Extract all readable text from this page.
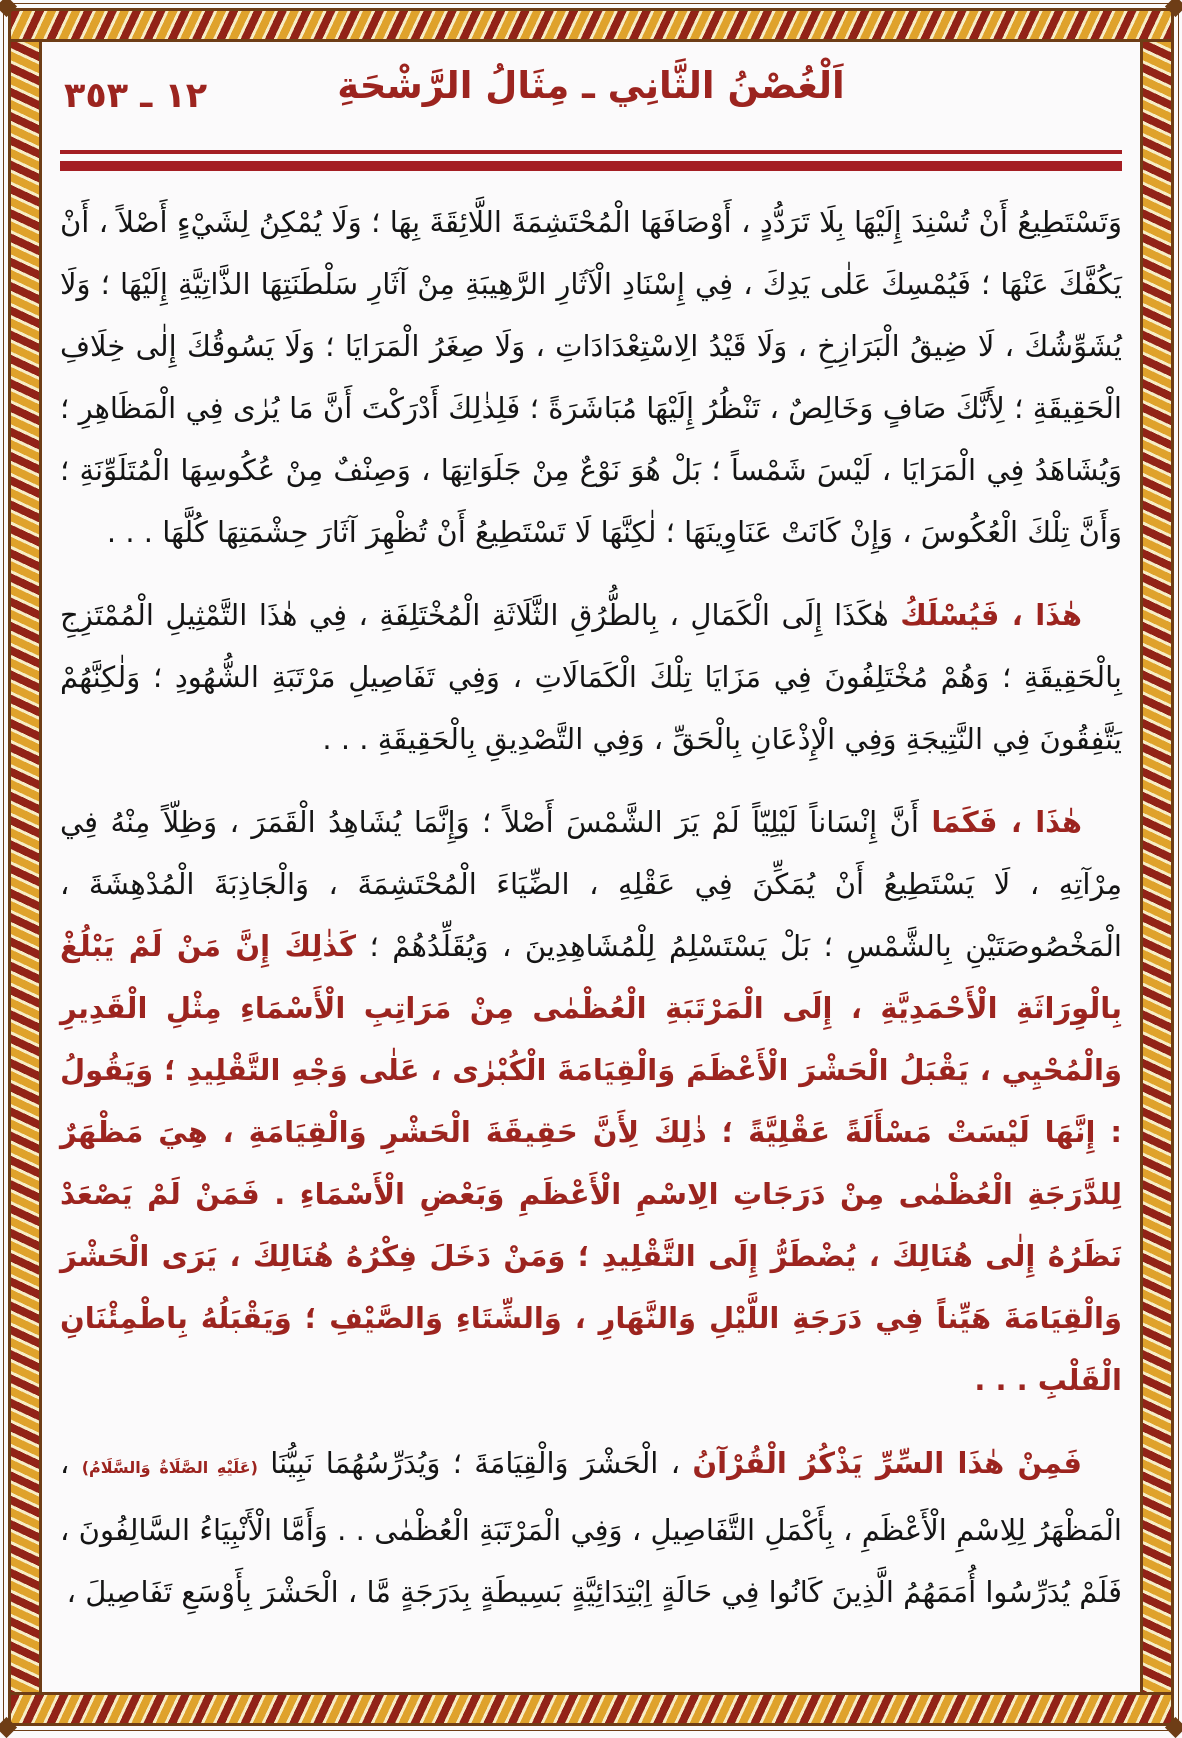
١٢ ـ ٣٥٣	اَلْغُصْنُ الثَّانِي ـ مِثَالُ الرَّشْحَةِ

وَتَسْتَطِيعُ أَنْ تُسْنِدَ إِلَيْهَا بِلَا تَرَدُّدٍ ، أَوْصَافَهَا الْمُحْتَشِمَةَ اللَّائِقَةَ بِهَا ؛ وَلَا يُمْكِنُ لِشَيْءٍ أَصْلاً ، أَنْ يَكُفَّكَ عَنْهَا ؛ فَيُمْسِكَ عَلٰى يَدِكَ ، فِي إِسْنَادِ الْآثَارِ الرَّهِيبَةِ مِنْ آثَارِ سَلْطَنَتِهَا الذَّاتِيَّةِ إِلَيْهَا ؛ وَلَا يُشَوِّشُكَ ، لَا ضِيقُ الْبَرَازِخِ ، وَلَا قَيْدُ الِاسْتِعْدَادَاتِ ، وَلَا صِغَرُ الْمَرَايَا ؛ وَلَا يَسُوقُكَ إِلٰى خِلَافِ الْحَقِيقَةِ ؛ لِأَنَّكَ صَافٍ وَخَالِصٌ ، تَنْظُرُ إِلَيْهَا مُبَاشَرَةً ؛ فَلِذٰلِكَ أَدْرَكْتَ أَنَّ مَا يُرٰى فِي الْمَظَاهِرِ ؛ وَيُشَاهَدُ فِي الْمَرَايَا ، لَيْسَ شَمْساً ؛ بَلْ هُوَ نَوْعٌ مِنْ جَلَوَاتِهَا ، وَصِنْفٌ مِنْ عُكُوسِهَا الْمُتَلَوِّنَةِ ؛ وَأَنَّ تِلْكَ الْعُكُوسَ ، وَإِنْ كَانَتْ عَنَاوِينَهَا ؛ لٰكِنَّهَا لَا تَسْتَطِيعُ أَنْ تُظْهِرَ آثَارَ حِشْمَتِهَا كُلَّهَا . . .

هٰذَا ، فَيُسْلَكُ هٰكَذَا إِلَى الْكَمَالِ ، بِالطُّرُقِ الثَّلَاثَةِ الْمُخْتَلِفَةِ ، فِي هٰذَا التَّمْثِيلِ الْمُمْتَزِجِ بِالْحَقِيقَةِ ؛ وَهُمْ مُخْتَلِفُونَ فِي مَزَايَا تِلْكَ الْكَمَالَاتِ ، وَفِي تَفَاصِيلِ مَرْتَبَةِ الشُّهُودِ ؛ وَلٰكِنَّهُمْ يَتَّفِقُونَ فِي النَّتِيجَةِ وَفِي الْإِذْعَانِ بِالْحَقِّ ، وَفِي التَّصْدِيقِ بِالْحَقِيقَةِ . . .

هٰذَا ، فَكَمَا أَنَّ إِنْسَاناً لَيْلِيّاً لَمْ يَرَ الشَّمْسَ أَصْلاً ؛ وَإِنَّمَا يُشَاهِدُ الْقَمَرَ ، وَظِلّاً مِنْهُ فِي مِرْآتِهِ ، لَا يَسْتَطِيعُ أَنْ يُمَكِّنَ فِي عَقْلِهِ ، الضِّيَاءَ الْمُحْتَشِمَةَ ، وَالْجَاذِبَةَ الْمُدْهِشَةَ ، الْمَخْصُوصَتَيْنِ بِالشَّمْسِ ؛ بَلْ يَسْتَسْلِمُ لِلْمُشَاهِدِينَ ، وَيُقَلِّدُهُمْ ؛ كَذٰلِكَ إِنَّ مَنْ لَمْ يَبْلُغْ بِالْوِرَاثَةِ الْأَحْمَدِيَّةِ ، إِلَى الْمَرْتَبَةِ الْعُظْمٰى مِنْ مَرَاتِبِ الْأَسْمَاءِ مِثْلِ الْقَدِيرِ وَالْمُحْيِي ، يَقْبَلُ الْحَشْرَ الْأَعْظَمَ وَالْقِيَامَةَ الْكُبْرٰى ، عَلٰى وَجْهِ التَّقْلِيدِ ؛ وَيَقُولُ : إِنَّهَا لَيْسَتْ مَسْأَلَةً عَقْلِيَّةً ؛ ذٰلِكَ لِأَنَّ حَقِيقَةَ الْحَشْرِ وَالْقِيَامَةِ ، هِيَ مَظْهَرٌ لِلدَّرَجَةِ الْعُظْمٰى مِنْ دَرَجَاتِ الِاسْمِ الْأَعْظَمِ وَبَعْضِ الْأَسْمَاءِ . فَمَنْ لَمْ يَصْعَدْ نَظَرُهُ إِلٰى هُنَالِكَ ، يُضْطَرُّ إِلَى التَّقْلِيدِ ؛ وَمَنْ دَخَلَ فِكْرُهُ هُنَالِكَ ، يَرَى الْحَشْرَ وَالْقِيَامَةَ هَيِّناً فِي دَرَجَةِ اللَّيْلِ وَالنَّهَارِ ، وَالشِّتَاءِ وَالصَّيْفِ ؛ وَيَقْبَلُهُ بِاطْمِئْنَانِ الْقَلْبِ . . .

فَمِنْ هٰذَا السِّرِّ يَذْكُرُ الْقُرْآنُ ، الْحَشْرَ وَالْقِيَامَةَ ؛ وَيُدَرِّسُهُمَا نَبِيُّنَا (عَلَيْهِ الصَّلَاةُ وَالسَّلَامُ) ، الْمَظْهَرُ لِلِاسْمِ الْأَعْظَمِ ، بِأَكْمَلِ التَّفَاصِيلِ ، وَفِي الْمَرْتَبَةِ الْعُظْمٰى . . وَأَمَّا الْأَنْبِيَاءُ السَّالِفُونَ ، فَلَمْ يُدَرِّسُوا أُمَمَهُمُ الَّذِينَ كَانُوا فِي حَالَةٍ اِبْتِدَائِيَّةٍ بَسِيطَةٍ بِدَرَجَةٍ مَّا ، الْحَشْرَ بِأَوْسَعِ تَفَاصِيلَ ،
